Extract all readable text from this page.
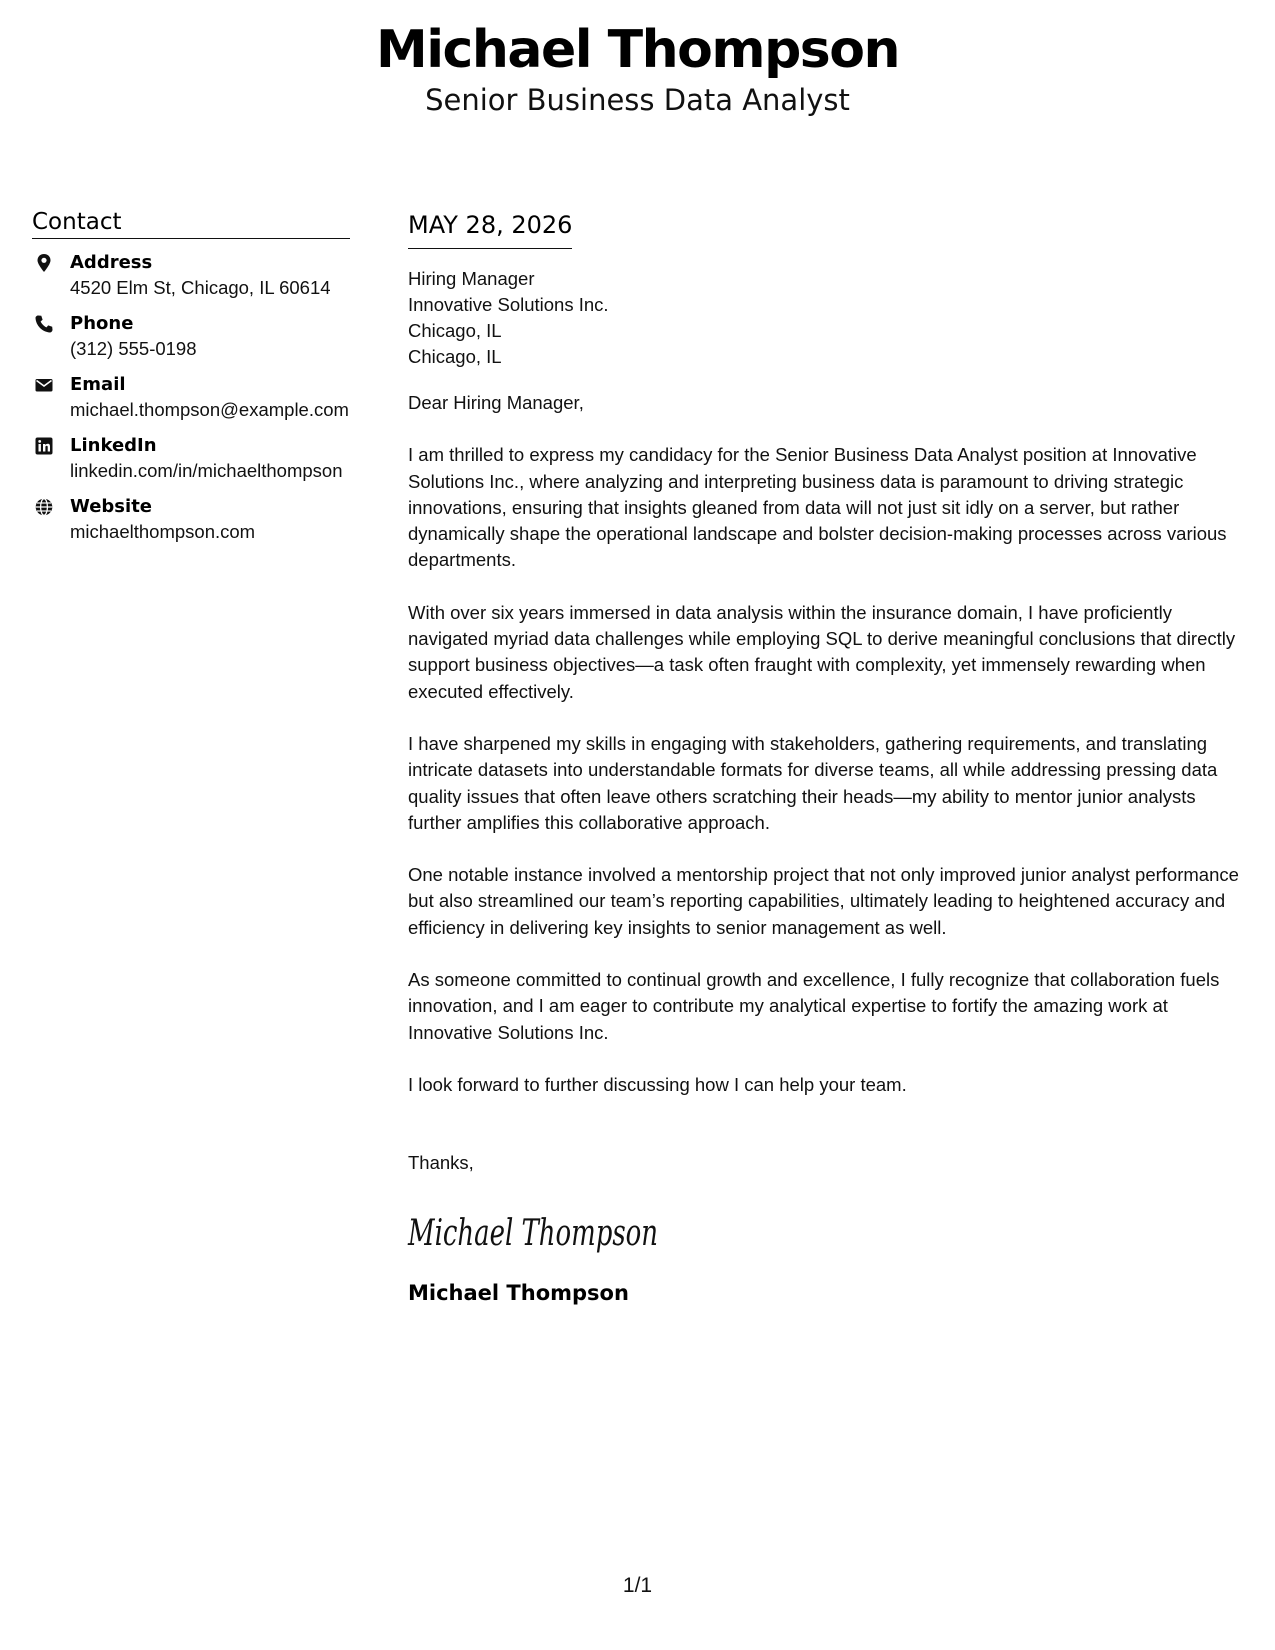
Michael Thompson
Senior Business Data Analyst
Contact
Address
4520 Elm St, Chicago, IL 60614
Phone
(312) 555-0198
Email
michael.thompson@example.com
LinkedIn
linkedin.com/in/michaelthompson
Website
michaelthompson.com
MAY 28, 2026
Hiring Manager
Innovative Solutions Inc.
Chicago, IL
Chicago, IL
Dear Hiring Manager,
I am thrilled to express my candidacy for the Senior Business Data Analyst position at Innovative Solutions Inc., where analyzing and interpreting business data is paramount to driving strategic innovations, ensuring that insights gleaned from data will not just sit idly on a server, but rather dynamically shape the operational landscape and bolster decision-making processes across various departments.
With over six years immersed in data analysis within the insurance domain, I have proficiently navigated myriad data challenges while employing SQL to derive meaningful conclusions that directly support business objectives—a task often fraught with complexity, yet immensely rewarding when executed effectively.
I have sharpened my skills in engaging with stakeholders, gathering requirements, and translating intricate datasets into understandable formats for diverse teams, all while addressing pressing data quality issues that often leave others scratching their heads—my ability to mentor junior analysts further amplifies this collaborative approach.
One notable instance involved a mentorship project that not only improved junior analyst performance but also streamlined our team’s reporting capabilities, ultimately leading to heightened accuracy and efficiency in delivering key insights to senior management as well.
As someone committed to continual growth and excellence, I fully recognize that collaboration fuels innovation, and I am eager to contribute my analytical expertise to fortify the amazing work at Innovative Solutions Inc.
I look forward to further discussing how I can help your team.
Thanks,
Michael Thompson
Michael Thompson
1/1
